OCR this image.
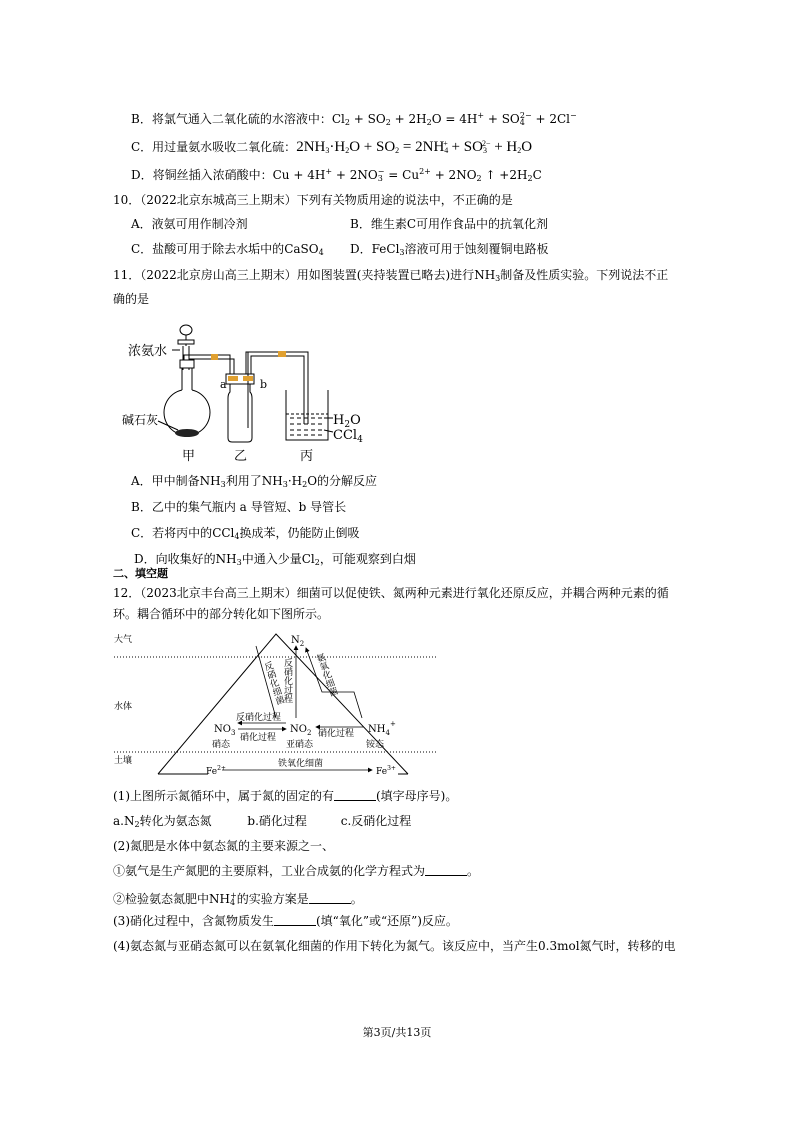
B．将氯气通入二氧化硫的水溶液中：$Cl_2 + SO_2 + 2H_2O = 4H^+ + SO_4^{2-} + 2Cl^-$
C．用过量氨水吸收二氧化硫：$2NH_3\cdot H_2O + SO_2 = 2NH_4^+ + SO_3^{2-} + H_2O$
D．将铜丝插入浓硝酸中：$Cu + 4H^+ + 2NO_3^- = Cu^{2+} + 2NO_2$ ↑ $+2H_2C$
10．（2022北京东城高三上期末）下列有关物质用途的说法中，不正确的是
A．液氨可用作制冷剂	B．维生素C可用作食品中的抗氧化剂
C．盐酸可用于除去水垢中的CaSO$_4$ D．FeCl$_3$溶液可用于蚀刻覆铜电路板
11．（2022北京房山高三上期末）用如图装置(夹持装置已略去)进行$NH_3$制备及性质实验。下列说法不正
确的是
a	b
浓氨水
碱石灰	$H_2O$
CCl$_4$
甲	乙	丙
A．甲中制备$NH_3$利用了$NH_3\cdot H_2O$的分解反应
B．乙中的集气瓶内 a 导管短、b 导管长
C．若将丙中的CCl$_4$换成苯，仍能防止倒吸
D．向收集好的$NH_3$中通入少量$Cl_2$，可能观察到白烟
二、填空题
12．（2023北京丰台高三上期末）细菌可以促使铁、氮两种元素进行氧化还原反应，并耦合两种元素的循
环。耦合循环中的部分转化如下图所示。
大气
水体
土壤
$N_2$
$NO_3$
硝态
$NO_2$
亚硝态
$NH_4^+$
铵态
反硝化过程
硝化过程	硝化过程
反硝化过程
反硝化细菌	氨氧化细菌
铁氧化细菌
$Fe^{2+}$	$Fe^{3+}$
(1)上图所示氮循环中，属于氮的固定的有	(填字母序号)。
$a.N_2$转化为氨态氮	b.硝化过程	c.反硝化过程
(2)氮肥是水体中氨态氮的主要来源之一、
①氨气是生产氮肥的主要原料，工业合成氨的化学方程式为	。
②检验氨态氮肥中$NH_4^+$的实验方案是	。
(3)硝化过程中，含氮物质发生	(填“氧化”或“还原”)反应。
(4)氨态氮与亚硝态氮可以在氨氧化细菌的作用下转化为氮气。该反应中，当产生0.3mol氮气时，转移的电
第3页/共13页
